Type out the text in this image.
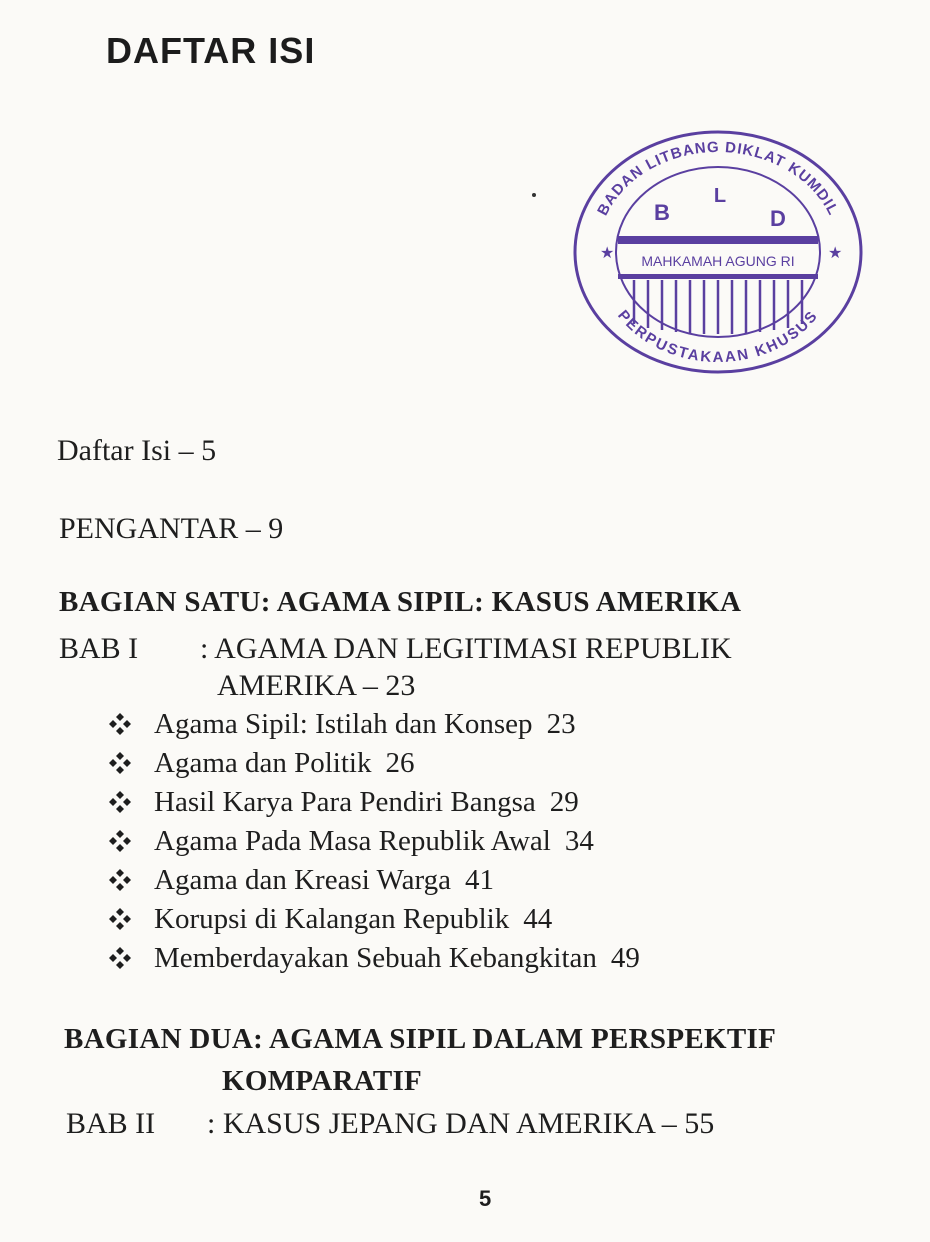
DAFTAR ISI
BADAN LITBANG DIKLAT KUMDIL
PERPUSTAKAAN KHUSUS
★	★
B
L
D
MAHKAMAH AGUNG RI
Daftar Isi – 5
PENGANTAR – 9
BAGIAN SATU: AGAMA SIPIL: KASUS AMERIKA
BAB I : AGAMA DAN LEGITIMASI REPUBLIK
AMERIKA – 23
Agama Sipil: Istilah dan Konsep 23
Agama dan Politik 26
Hasil Karya Para Pendiri Bangsa 29
Agama Pada Masa Republik Awal 34
Agama dan Kreasi Warga 41
Korupsi di Kalangan Republik 44
Memberdayakan Sebuah Kebangkitan 49
BAGIAN DUA: AGAMA SIPIL DALAM PERSPEKTIF
KOMPARATIF
BAB II : KASUS JEPANG DAN AMERIKA – 55
5
